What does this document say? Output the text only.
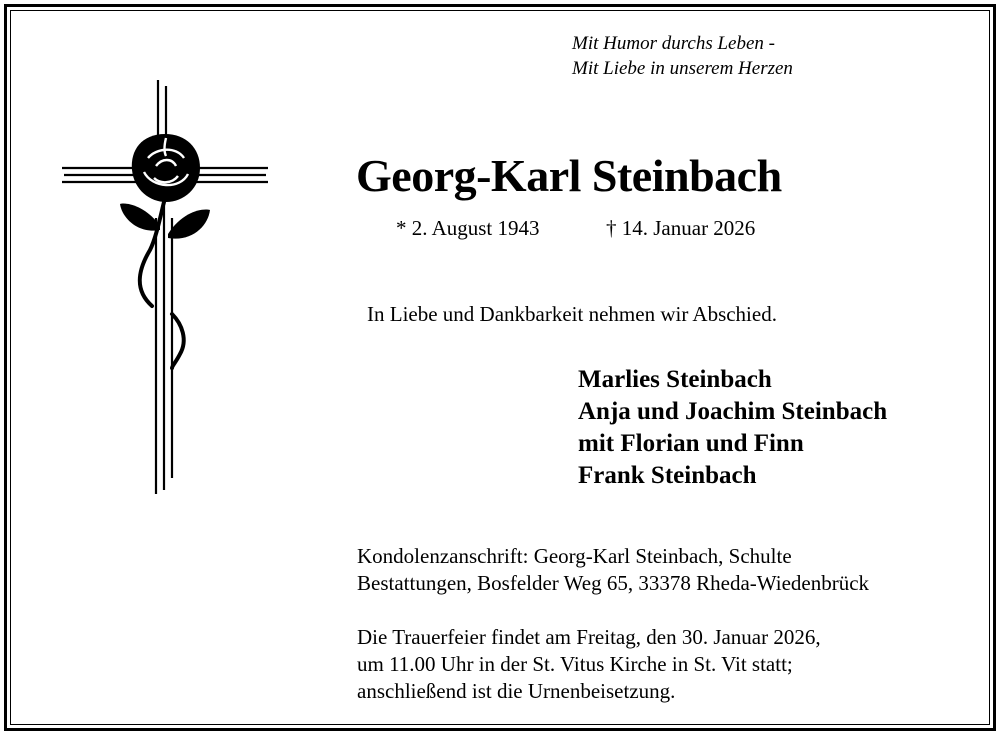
Mit Humor durchs Leben -
Mit Liebe in unserem Herzen
Georg-Karl Steinbach
* 2. August 1943	† 14. Januar 2026
In Liebe und Dankbarkeit nehmen wir Abschied.
Marlies Steinbach
Anja und Joachim Steinbach
mit Florian und Finn
Frank Steinbach
Kondolenzanschrift: Georg-Karl Steinbach, Schulte
Bestattungen, Bosfelder Weg 65, 33378 Rheda-Wiedenbrück
Die Trauerfeier findet am Freitag, den 30. Januar 2026,
um 11.00 Uhr in der St. Vitus Kirche in St. Vit statt;
anschließend ist die Urnenbeisetzung.
